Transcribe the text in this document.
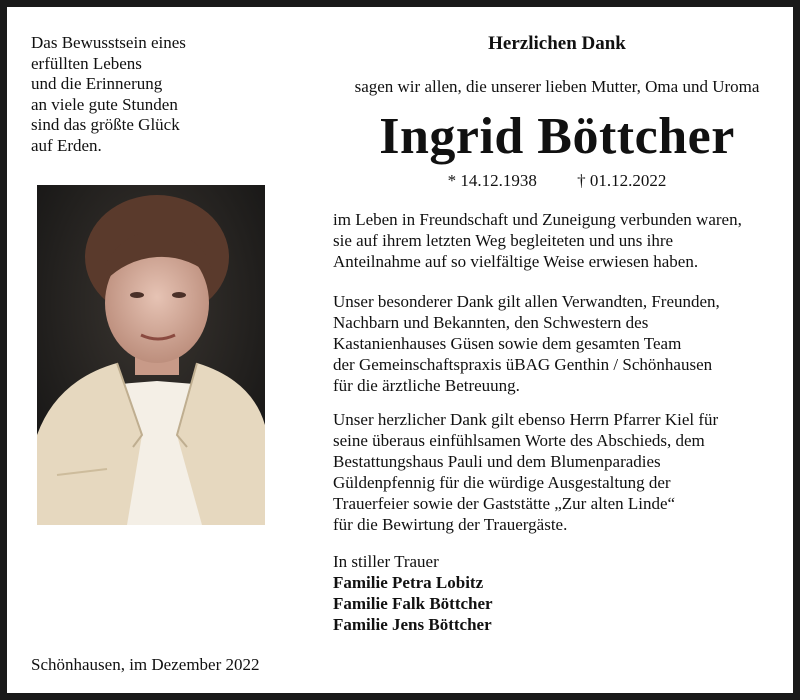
Das Bewusstsein eines
erfüllten Lebens
und die Erinnerung
an viele gute Stunden
sind das größte Glück
auf Erden.
Schönhausen, im Dezember 2022
Herzlichen Dank
sagen wir allen, die unserer lieben Mutter, Oma und Uroma
Ingrid Böttcher
* 14.12.1938 † 01.12.2022
im Leben in Freundschaft und Zuneigung verbunden waren,
sie auf ihrem letzten Weg begleiteten und uns ihre
Anteilnahme auf so vielfältige Weise erwiesen haben.
Unser besonderer Dank gilt allen Verwandten, Freunden,
Nachbarn und Bekannten, den Schwestern des
Kastanienhauses Güsen sowie dem gesamten Team
der Gemeinschaftspraxis üBAG Genthin / Schönhausen
für die ärztliche Betreuung.
Unser herzlicher Dank gilt ebenso Herrn Pfarrer Kiel für
seine überaus einfühlsamen Worte des Abschieds, dem
Bestattungshaus Pauli und dem Blumenparadies
Güldenpfennig für die würdige Ausgestaltung der
Trauerfeier sowie der Gaststätte „Zur alten Linde“
für die Bewirtung der Trauergäste.
In stiller Trauer
Familie Petra Lobitz
Familie Falk Böttcher
Familie Jens Böttcher
